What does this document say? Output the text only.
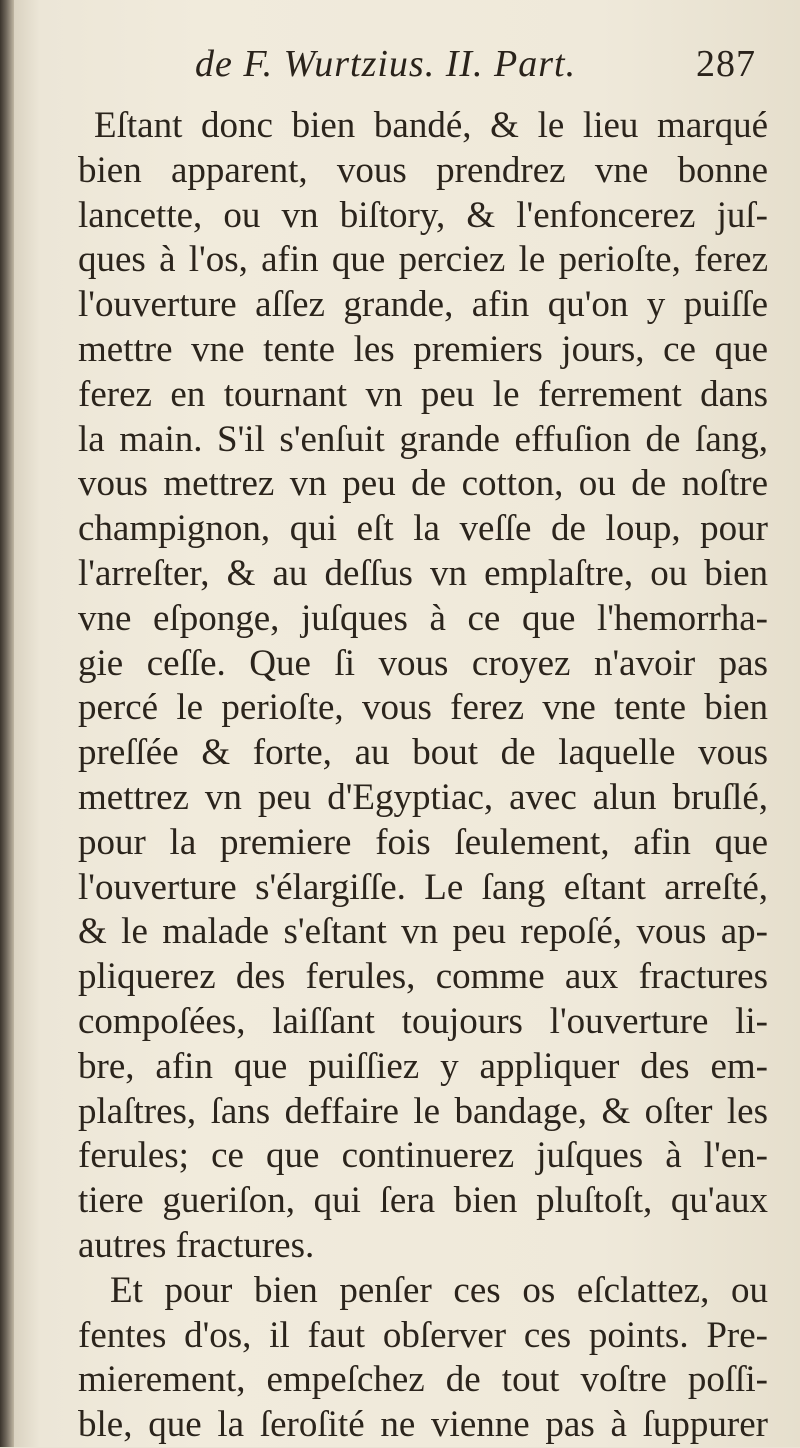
de F. Wurtzius. II. Part.	287
Eſtant donc bien bandé, & le lieu marqué
bien apparent, vous prendrez vne bonne
lancette, ou vn biſtory, & l'enfoncerez juſ-
ques à l'os, afin que perciez le perioſte, ferez
l'ouverture aſſez grande, afin qu'on y puiſſe
mettre vne tente les premiers jours, ce que
ferez en tournant vn peu le ferrement dans
la main. S'il s'enſuit grande effuſion de ſang,
vous mettrez vn peu de cotton, ou de noſtre
champignon, qui eſt la veſſe de loup, pour
l'arreſter, & au deſſus vn emplaſtre, ou bien
vne eſponge, juſques à ce que l'hemorrha-
gie ceſſe. Que ſi vous croyez n'avoir pas
percé le perioſte, vous ferez vne tente bien
preſſée & forte, au bout de laquelle vous
mettrez vn peu d'Egyptiac, avec alun bruſlé,
pour la premiere fois ſeulement, afin que
l'ouverture s'élargiſſe. Le ſang eſtant arreſté,
& le malade s'eſtant vn peu repoſé, vous ap-
pliquerez des ferules, comme aux fractures
compoſées, laiſſant toujours l'ouverture li-
bre, afin que puiſſiez y appliquer des em-
plaſtres, ſans deffaire le bandage, & oſter les
ferules; ce que continuerez juſques à l'en-
tiere gueriſon, qui ſera bien pluſtoſt, qu'aux
autres fractures.
Et pour bien penſer ces os eſclattez, ou
fentes d'os, il faut obſerver ces points. Pre-
mierement, empeſchez de tout voſtre poſſi-
ble, que la ſeroſité ne vienne pas à ſuppurer
